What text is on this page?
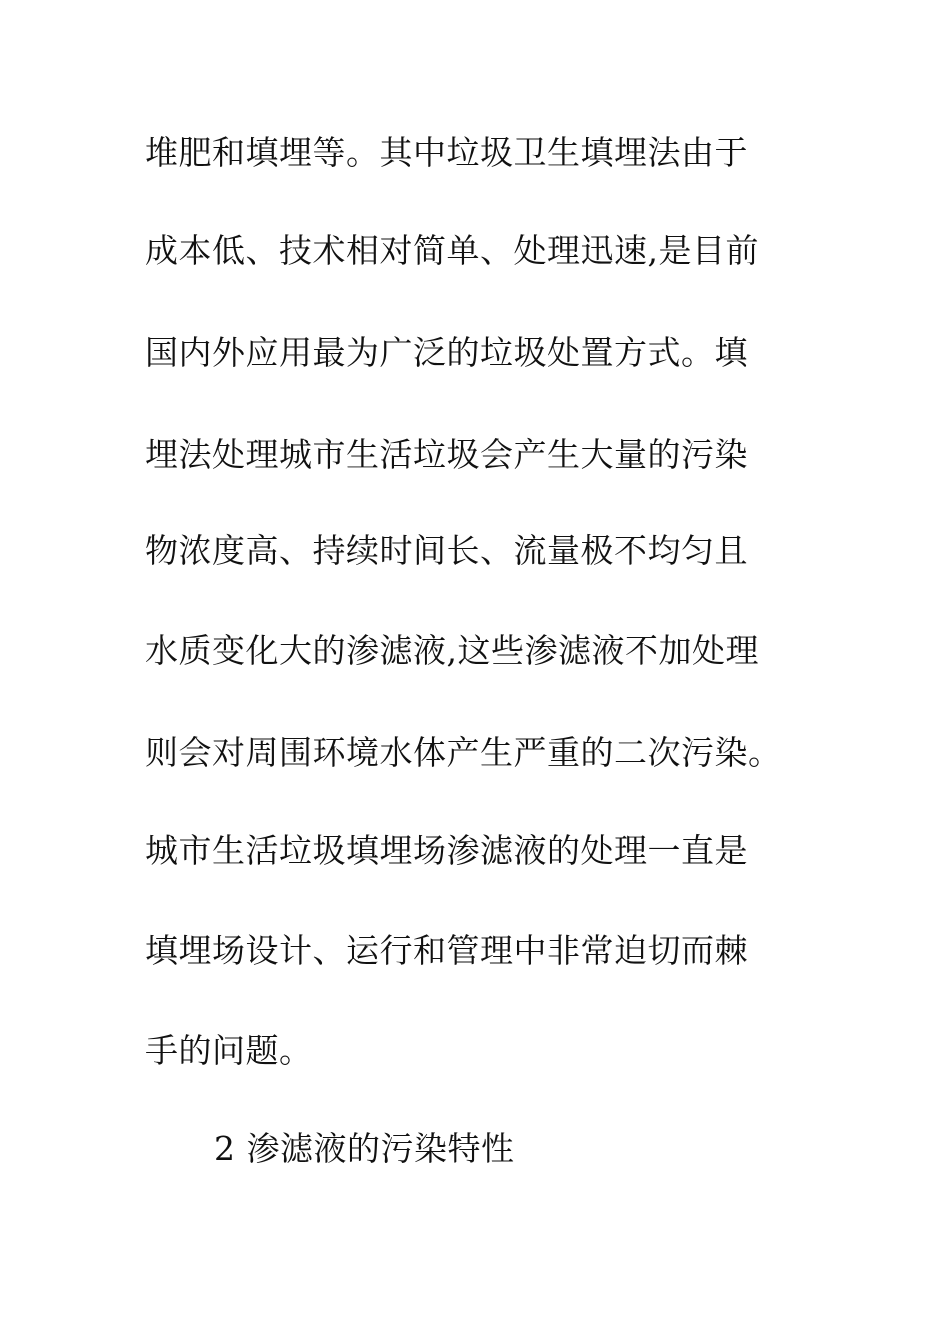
堆肥和填埋等。其中垃圾卫生填埋法由于
成本低、技术相对简单、处理迅速,是目前
国内外应用最为广泛的垃圾处置方式。填
埋法处理城市生活垃圾会产生大量的污染
物浓度高、持续时间长、流量极不均匀且
水质变化大的渗滤液,这些渗滤液不加处理
则会对周围环境水体产生严重的二次污染。
城市生活垃圾填埋场渗滤液的处理一直是
填埋场设计、运行和管理中非常迫切而棘
手的问题。
2 渗滤液的污染特性
